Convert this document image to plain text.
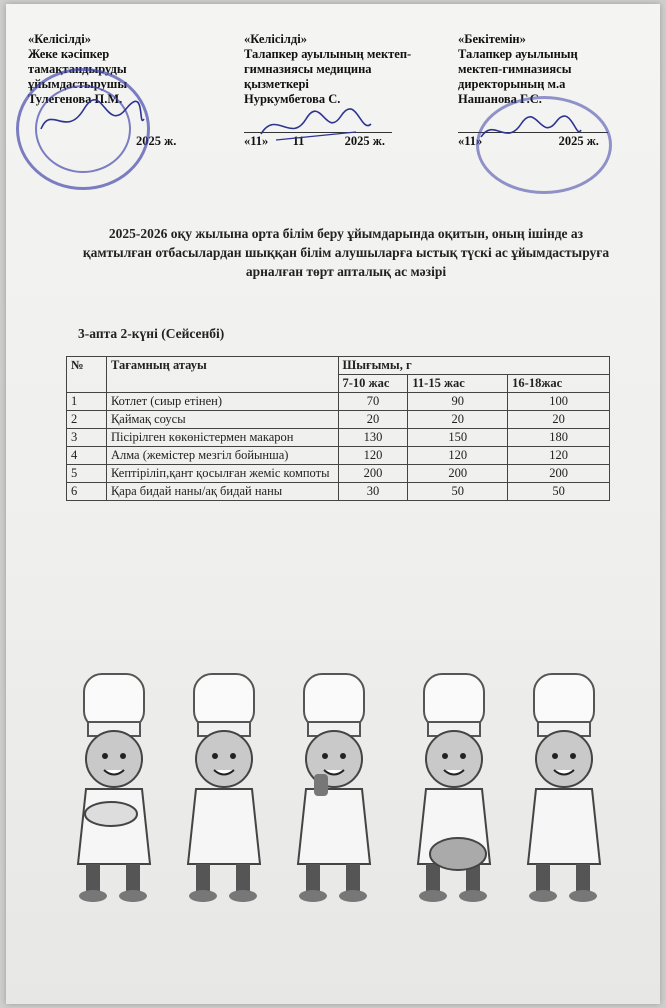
«Келісілді»
Жеке кәсіпкер
тамақтандыруды
ұйымдастырушы
Тулегенова П.М.
2025 ж.
«Келісілді»
Талапкер ауылының мектеп-
гимназиясы медицина
қызметкері
Нуркумбетова С.
«11» 11	2025 ж.
«Бекітемін»
Талапкер ауылының
мектеп-гимназиясы
директорының м.а
Нашанова Г.С.
«11»	2025 ж.
2025-2026 оқу жылына орта білім беру ұйымдарында оқитын, оның ішінде аз қамтылған отбасылардан шыққан білім алушыларға ыстық түскі ас ұйымдастыруға арналған төрт апталық ас мәзірі
3-апта 2-күні (Сейсенбі)
№	Тағамның атауы	Шығымы, г		
		7-10 жас	11-15 жас	16-18жас
1	Котлет (сиыр етінен)	70	90	100
2	Қаймақ соусы	20	20	20
3	Пісірілген көкөністермен макарон	130	150	180
4	Алма (жемістер мезгіл бойынша)	120	120	120
5	Кептіріліп,қант қосылған жеміс компоты	200	200	200
6	Қара бидай наны/ақ бидай наны	30	50	50
